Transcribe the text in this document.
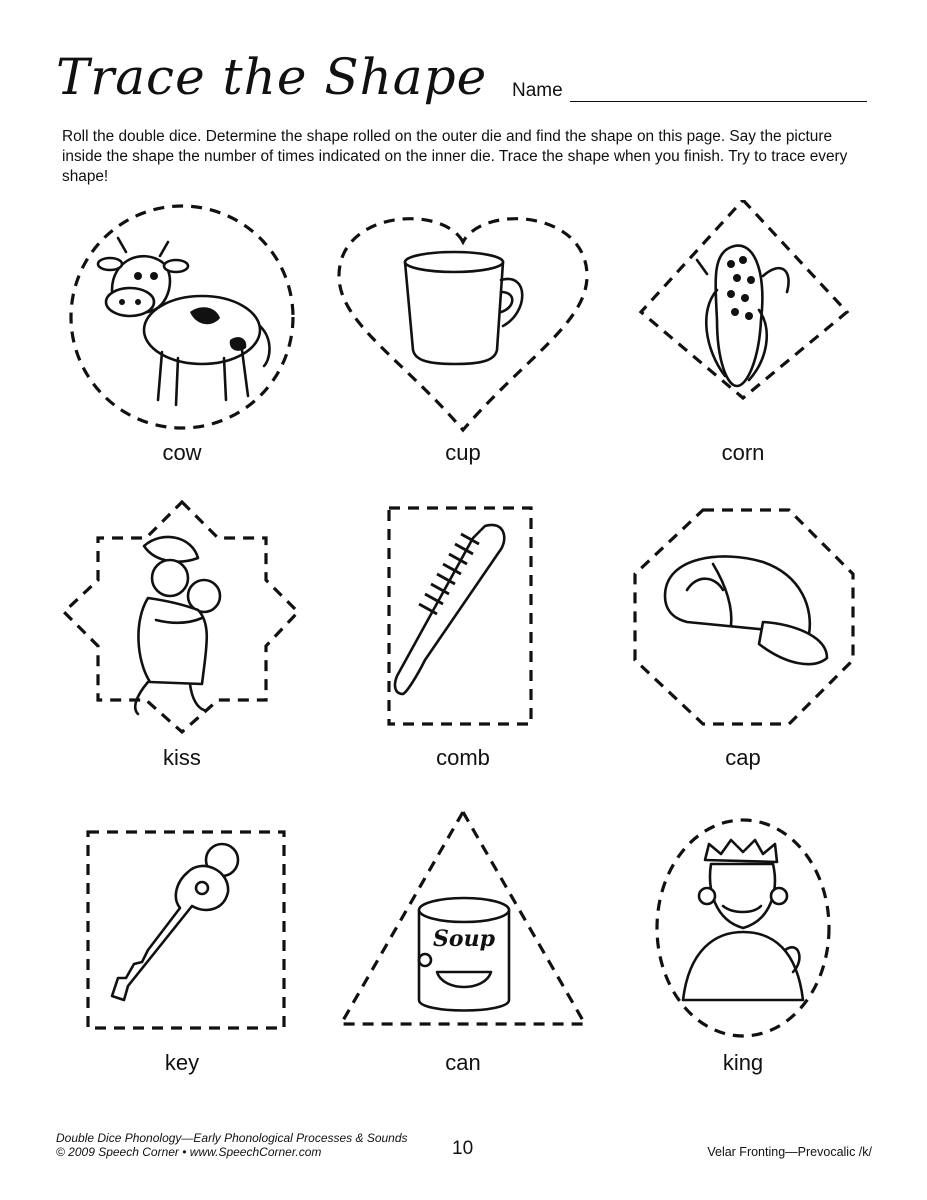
Trace the Shape Name
Roll the double dice. Determine the shape rolled on the outer die and find the shape on this page. Say the picture inside the shape the number of times indicated on the inner die. Trace the shape when you finish. Try to trace every shape!
cow	cup	corn
kiss	comb	cap
key
Soup
can	king
Double Dice Phonology—Early Phonological Processes & Sounds
© 2009 Speech Corner • www.SpeechCorner.com	10	Velar Fronting—Prevocalic /k/
